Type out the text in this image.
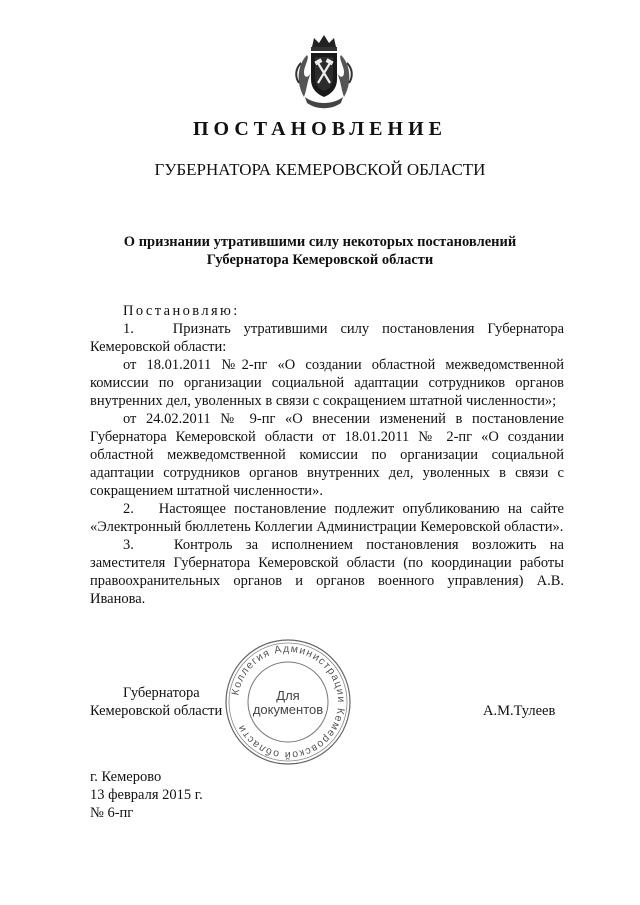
ПОСТАНОВЛЕНИЕ
ГУБЕРНАТОРА КЕМЕРОВСКОЙ ОБЛАСТИ
О признании утратившими силу некоторых постановлений
Губернатора Кемеровской области

Постановляю:

1.   Признать утратившими силу постановления Губернатора Кемеровской области:

от 18.01.2011 №2-пг «О создании областной межведомственной комиссии по организации социальной адаптации сотрудников органов внутренних дел, уволенных в связи с сокращением штатной численности»;

от 24.02.2011 № 9-пг «О внесении изменений в постановление Губернатора Кемеровской области от 18.01.2011 № 2-пг «О создании областной межведомственной комиссии по организации социальной адаптации сотрудников органов внутренних дел, уволенных в связи с сокращением штатной численности».

2.   Настоящее постановление подлежит опубликованию на сайте «Электронный бюллетень Коллегии Администрации Кемеровской области».

3.   Контроль за исполнением постановления возложить на заместителя Губернатора Кемеровской области (по координации работы правоохранительных органов и органов военного управления) А.В. Иванова.

Губернатора
Кемеровской области	А.М.Тулеев
Коллегия Администрации Кемеровской области
Для
документов
г. Кемерово
13 февраля 2015 г.
№ 6-пг
